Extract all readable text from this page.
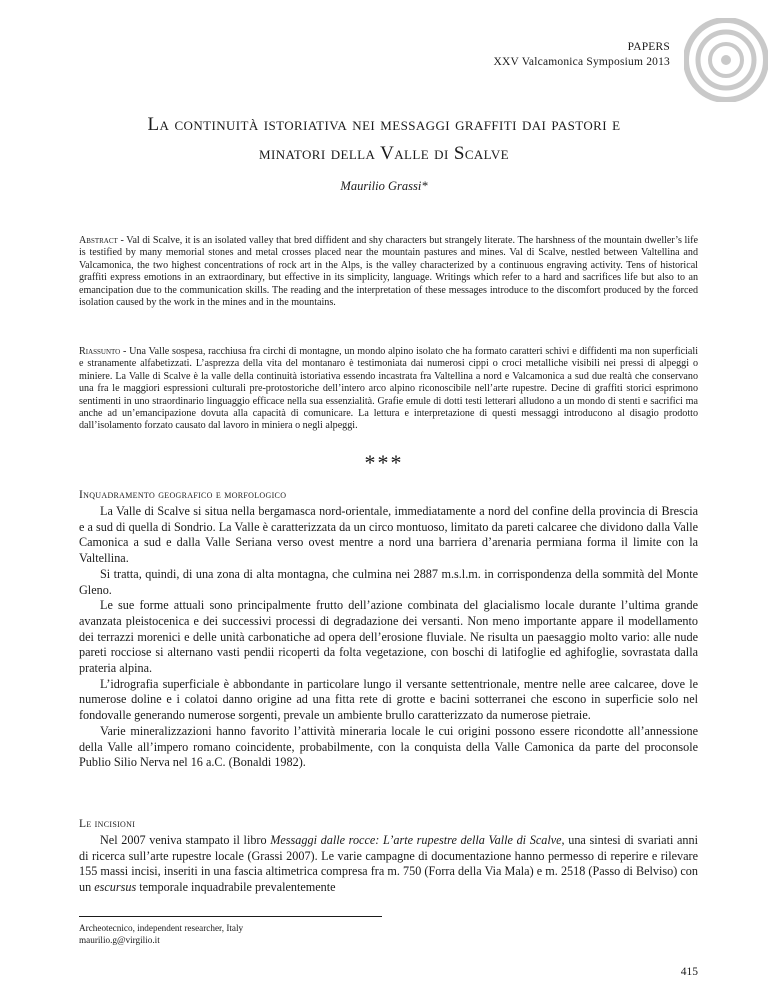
PAPERS
XXV Valcamonica Symposium 2013
La continuità istoriativa nei messaggi graffiti dai pastori e
minatori della Valle di Scalve
Maurilio Grassi*
Abstract - Val di Scalve, it is an isolated valley that bred diffident and shy characters but strangely literate. The harshness of the mountain dweller’s life is testified by many memorial stones and metal crosses placed near the mountain pastures and mines. Val di Scalve, nestled between Valtellina and Valcamonica, the two highest concentrations of rock art in the Alps, is the valley characterized by a continuous engraving activity. Tens of historical graffiti express emotions in an extraordinary, but effective in its simplicity, language. Writings which refer to a hard and sacrifices life but also to an emancipation due to the communication skills. The reading and the interpretation of these messages introduce to the discomfort produced by the forced isolation caused by the work in the mines and in the mountains.
Riassunto - Una Valle sospesa, racchiusa fra circhi di montagne, un mondo alpino isolato che ha formato caratteri schivi e diffidenti ma non superficiali e stranamente alfabetizzati. L’asprezza della vita del montanaro è testimoniata dai numerosi cippi o croci metalliche visibili nei pressi di alpeggi o miniere. La Valle di Scalve è la valle della continuità istoriativa essendo incastrata fra Valtellina a nord e Valcamonica a sud due realtà che conservano una fra le maggiori espressioni culturali pre-protostoriche dell’intero arco alpino riconoscibile nell’arte rupestre. Decine di graffiti storici esprimono sentimenti in uno straordinario linguaggio efficace nella sua essenzialità. Grafie emule di dotti testi letterari alludono a un mondo di stenti e sacrifici ma anche ad un’emancipazione dovuta alla capacità di comunicare. La lettura e interpretazione di questi messaggi introducono al disagio prodotto dall’isolamento forzato causato dal lavoro in miniera o negli alpeggi.
***
Inquadramento geografico e morfologico

La Valle di Scalve si situa nella bergamasca nord-orientale, immediatamente a nord del confine della provincia di Brescia e a sud di quella di Sondrio. La Valle è caratterizzata da un circo montuoso, limitato da pareti calcaree che dividono dalla Valle Camonica a sud e dalla Valle Seriana verso ovest mentre a nord una barriera d’arenaria permiana forma il limite con la Valtellina.

Si tratta, quindi, di una zona di alta montagna, che culmina nei 2887 m.s.l.m. in corrispondenza della sommità del Monte Gleno.

Le sue forme attuali sono principalmente frutto dell’azione combinata del glacialismo locale durante l’ultima grande avanzata pleistocenica e dei successivi processi di degradazione dei versanti. Non meno importante appare il modellamento dei terrazzi morenici e delle unità carbonatiche ad opera dell’erosione fluviale. Ne risulta un paesaggio molto vario: alle nude pareti rocciose si alternano vasti pendii ricoperti da folta vegetazione, con boschi di latifoglie ed aghifoglie, sovrastata dalla prateria alpina.

L’idrografia superficiale è abbondante in particolare lungo il versante settentrionale, mentre nelle aree calcaree, dove le numerose doline e i colatoi danno origine ad una fitta rete di grotte e bacini sotterranei che escono in superficie solo nel fondovalle generando numerose sorgenti, prevale un ambiente brullo caratterizzato da numerose pietraie.

Varie mineralizzazioni hanno favorito l’attività mineraria locale le cui origini possono essere ricondotte all’annessione della Valle all’impero romano coincidente, probabilmente, con la conquista della Valle Camonica da parte del proconsole Publio Silio Nerva nel 16 a.C. (Bonaldi 1982).

Le incisioni

Nel 2007 veniva stampato il libro Messaggi dalle rocce: L’arte rupestre della Valle di Scalve, una sintesi di svariati anni di ricerca sull’arte rupestre locale (Grassi 2007). Le varie campagne di documentazione hanno permesso di reperire e rilevare 155 massi incisi, inseriti in una fascia altimetrica compresa fra m. 750 (Forra della Via Mala) e m. 2518 (Passo di Belviso) con un escursus temporale inquadrabile prevalentemente

Archeotecnico, independent researcher, Italy
maurilio.g@virgilio.it
415
